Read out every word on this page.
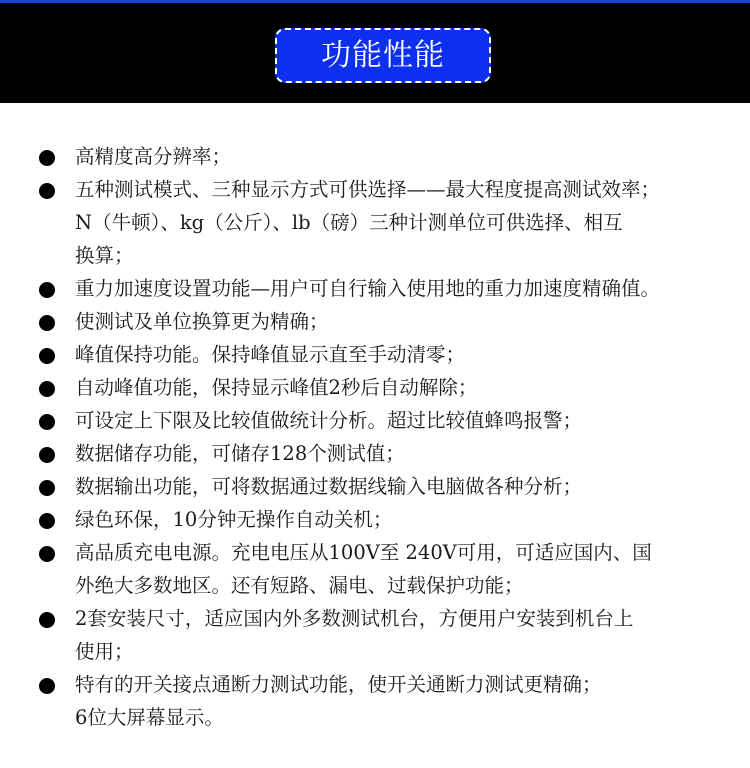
功能性能
高精度高分辨率；
五种测试模式、三种显示方式可供选择——最大程度提高测试效率；
N（牛顿）、kg（公斤）、lb（磅）三种计测单位可供选择、相互
换算；
重力加速度设置功能—用户可自行输入使用地的重力加速度精确值。
使测试及单位换算更为精确；
峰值保持功能。保持峰值显示直至手动清零；
自动峰值功能，保持显示峰值2秒后自动解除；
可设定上下限及比较值做统计分析。超过比较值蜂鸣报警；
数据储存功能，可储存128个测试值；
数据输出功能，可将数据通过数据线输入电脑做各种分析；
绿色环保，10分钟无操作自动关机；
高品质充电电源。充电电压从100V至 240V可用，可适应国内、国
外绝大多数地区。还有短路、漏电、过载保护功能；
2套安装尺寸，适应国内外多数测试机台，方便用户安装到机台上
使用；
特有的开关接点通断力测试功能，使开关通断力测试更精确；
6位大屏幕显示。
